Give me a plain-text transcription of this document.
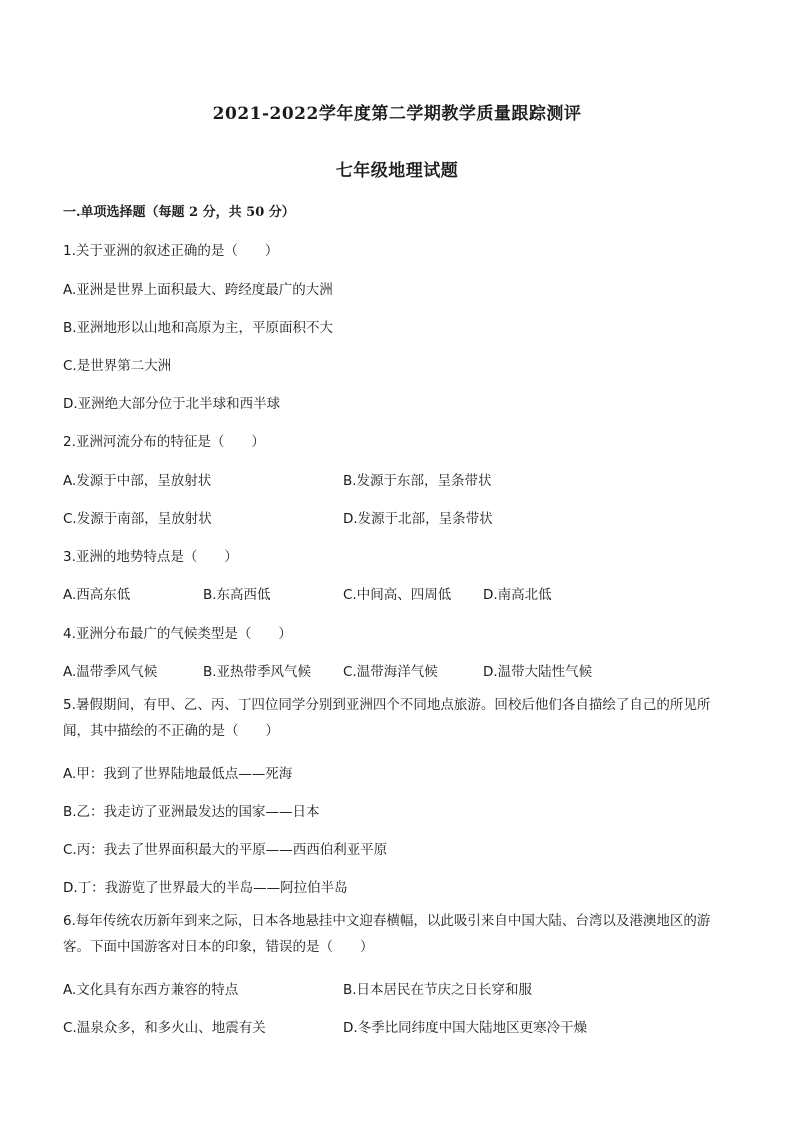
2021-2022学年度第二学期教学质量跟踪测评
七年级地理试题
一.单项选择题（每题 2 分，共 50 分）
1.关于亚洲的叙述正确的是（　　）
A.亚洲是世界上面积最大、跨经度最广的大洲
B.亚洲地形以山地和高原为主，平原面积不大
C.是世界第二大洲
D.亚洲绝大部分位于北半球和西半球
2.亚洲河流分布的特征是（　　）
A.发源于中部，呈放射状	B.发源于东部，呈条带状
C.发源于南部，呈放射状	D.发源于北部，呈条带状
3.亚洲的地势特点是（　　）
A.西高东低	B.东高西低	C.中间高、四周低 D.南高北低
4.亚洲分布最广的气候类型是（　　）
A.温带季风气候	B.亚热带季风气候 C.温带海洋气候	D.温带大陆性气候
5.暑假期间，有甲、乙、丙、丁四位同学分别到亚洲四个不同地点旅游。回校后他们各自描绘了自己的所见所闻，其中描绘的不正确的是（　　）
A.甲：我到了世界陆地最低点——死海
B.乙：我走访了亚洲最发达的国家——日本
C.丙：我去了世界面积最大的平原——西西伯利亚平原
D.丁：我游览了世界最大的半岛——阿拉伯半岛
6.每年传统农历新年到来之际，日本各地悬挂中文迎春横幅，以此吸引来自中国大陆、台湾以及港澳地区的游客。下面中国游客对日本的印象，错误的是（　　）
A.文化具有东西方兼容的特点	B.日本居民在节庆之日长穿和服
C.温泉众多，和多火山、地震有关	D.冬季比同纬度中国大陆地区更寒冷干燥
